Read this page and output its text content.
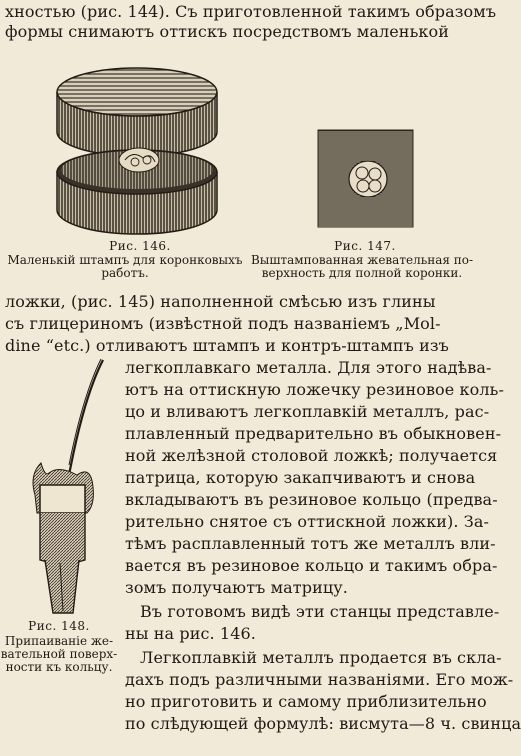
хностью (рис. 144). Съ приготовленной такимъ образомъ
формы снимаютъ оттискъ посредствомъ маленькой
Рис. 146.
Маленькій штампъ для коронковыхъ
работъ.
Рис. 147.
Выштампованная жевательная по-
верхность для полной коронки.
ложки, (рис. 145) наполненной смѣсью изъ глины
съ глицериномъ (извѣстной подъ названіемъ „Mol-
dine “etc.) отливаютъ штампъ и контръ-штампъ изъ
Рис. 148.
Припаиваніе же-
вательной поверх-
ности къ кольцу.
легкоплавкаго металла. Для этого надѣва-
ютъ на оттискную ложечку резиновое коль-
цо и вливаютъ легкоплавкій металлъ, рас-
плавленный предварительно въ обыкновен-
ной желѣзной столовой ложкѣ; получается
патрица, которую закапчиваютъ и снова
вкладываютъ въ резиновое кольцо (предва-
рительно снятое съ оттискной ложки). За-
тѣмъ расплавленный тотъ же металлъ вли-
вается въ резиновое кольцо и такимъ обра-
зомъ получаютъ матрицу.
Въ готовомъ видѣ эти станцы представле-
ны на рис. 146.
Легкоплавкій металлъ продается въ скла-
дахъ подъ различными названіями. Его мож-
но приготовить и самому приблизительно
по слѣдующей формулѣ: висмута—8 ч. свинца
